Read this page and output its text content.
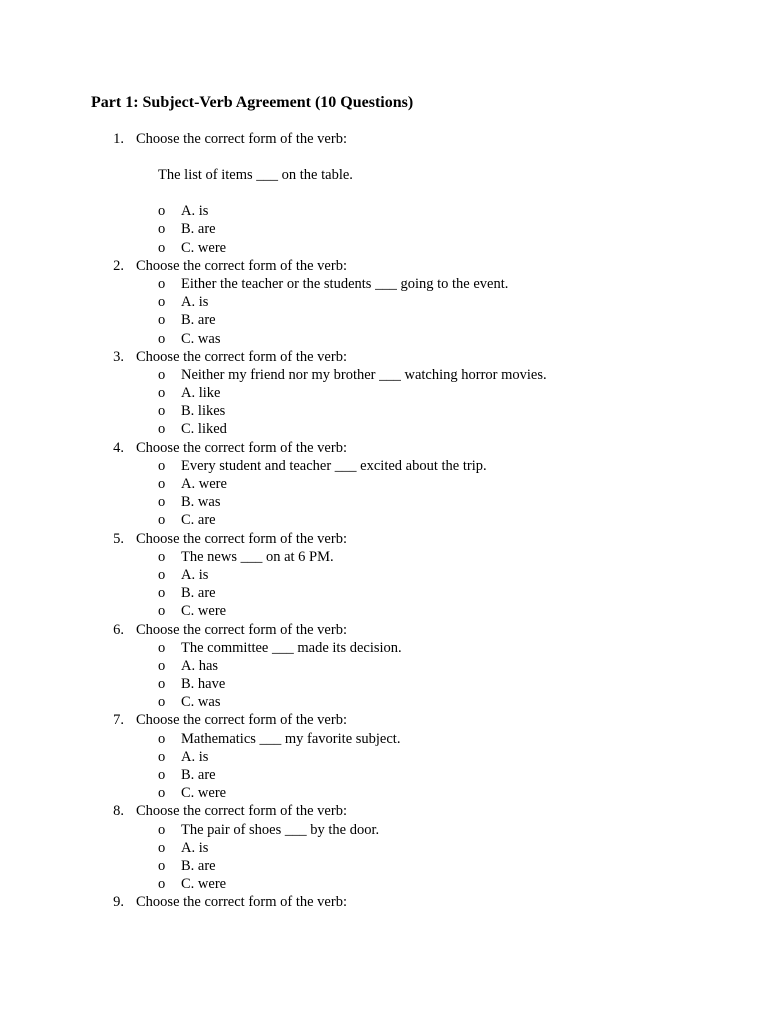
Part 1: Subject-Verb Agreement (10 Questions)
1. Choose the correct form of the verb:
The list of items ___ on the table.
o A. is
o B. are
o C. were
2. Choose the correct form of the verb:
o Either the teacher or the students ___ going to the event.
o A. is
o B. are
o C. was
3. Choose the correct form of the verb:
o Neither my friend nor my brother ___ watching horror movies.
o A. like
o B. likes
o C. liked
4. Choose the correct form of the verb:
o Every student and teacher ___ excited about the trip.
o A. were
o B. was
o C. are
5. Choose the correct form of the verb:
o The news ___ on at 6 PM.
o A. is
o B. are
o C. were
6. Choose the correct form of the verb:
o The committee ___ made its decision.
o A. has
o B. have
o C. was
7. Choose the correct form of the verb:
o Mathematics ___ my favorite subject.
o A. is
o B. are
o C. were
8. Choose the correct form of the verb:
o The pair of shoes ___ by the door.
o A. is
o B. are
o C. were
9. Choose the correct form of the verb:
